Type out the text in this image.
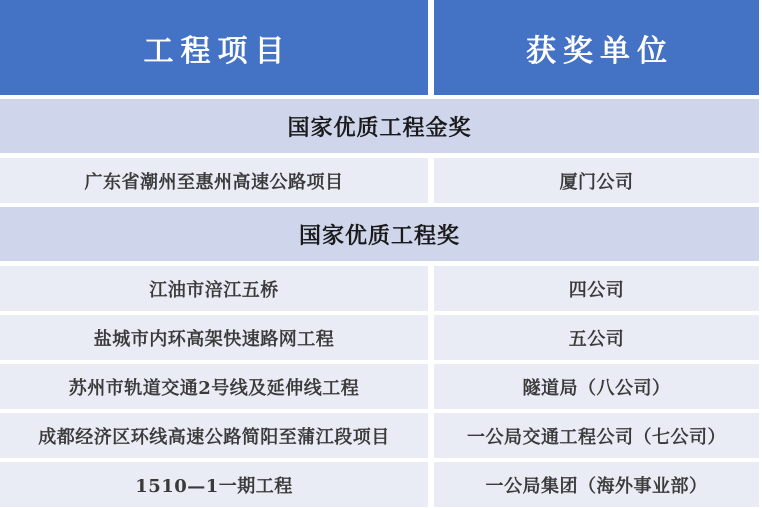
工程项目	获奖单位
国家优质工程金奖
广东省潮州至惠州高速公路项目	厦门公司
国家优质工程奖
江油市涪江五桥	四公司
盐城市内环高架快速路网工程	五公司
苏州市轨道交通2号线及延伸线工程	隧道局（八公司）
成都经济区环线高速公路简阳至蒲江段项目	一公局交通工程公司（七公司）
1510—1一期工程	一公局集团（海外事业部）
